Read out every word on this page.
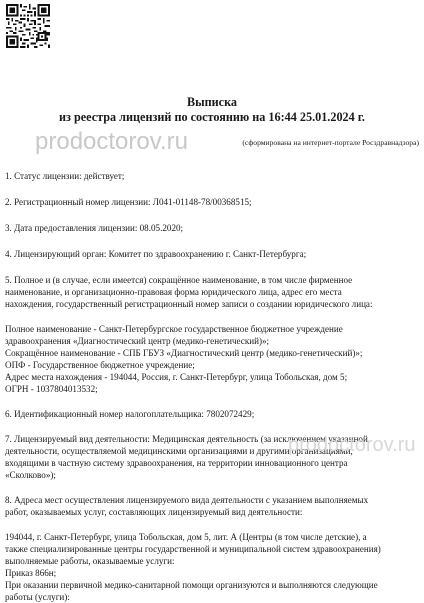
Выписка
из реестра лицензий по состоянию на 16:44 25.01.2024 г.
prodoctorov.ru	(сформирована на интернет-портале Росздравнадзора)
1. Статус лицензии: действует;
2. Регистрационный номер лицензии: Л041-01148-78/00368515;
3. Дата предоставления лицензии: 08.05.2020;
4. Лицензирующий орган: Комитет по здравоохранению г. Санкт-Петербурга;
5. Полное и (в случае, если имеется) сокращённое наименование, в том числе фирменное
наименование, и организационно-правовая форма юридического лица, адрес его места
нахождения, государственный регистрационный номер записи о создании юридического лица:
Полное наименование - Санкт-Петербургское государственное бюджетное учреждение
здравоохранения «Диагностический центр (медико-генетический)»;
Сокращённое наименование - СПБ ГБУЗ «Диагностический центр (медико-генетический)»;
ОПФ - Государственное бюджетное учреждение;
Адрес места нахождения - 194044, Россия, г. Санкт-Петербург, улица Тобольская, дом 5;
ОГРН - 1037804013532;
6. Идентификационный номер налогоплательщика: 7802072429;
7. Лицензируемый вид деятельности: Медицинская деятельность (за исключением указанной
деятельности, осуществляемой медицинскими организациями и другими организациями,
входящими в частную систему здравоохранения, на территории инновационного центра
«Сколково»);
8. Адреса мест осуществления лицензируемого вида деятельности с указанием выполняемых
работ, оказываемых услуг, составляющих лицензируемый вид деятельности:
194044, г. Санкт-Петербург, улица Тобольская, дом 5, лит. А (Центры (в том числе детские), а
также специализированные центры государственной и муниципальной систем здравоохранения)
выполняемые работы, оказываемые услуги:
Приказ 866н;
При оказании первичной медико-санитарной помощи организуются и выполняются следующие
работы (услуги):
prodoctorov.ru
